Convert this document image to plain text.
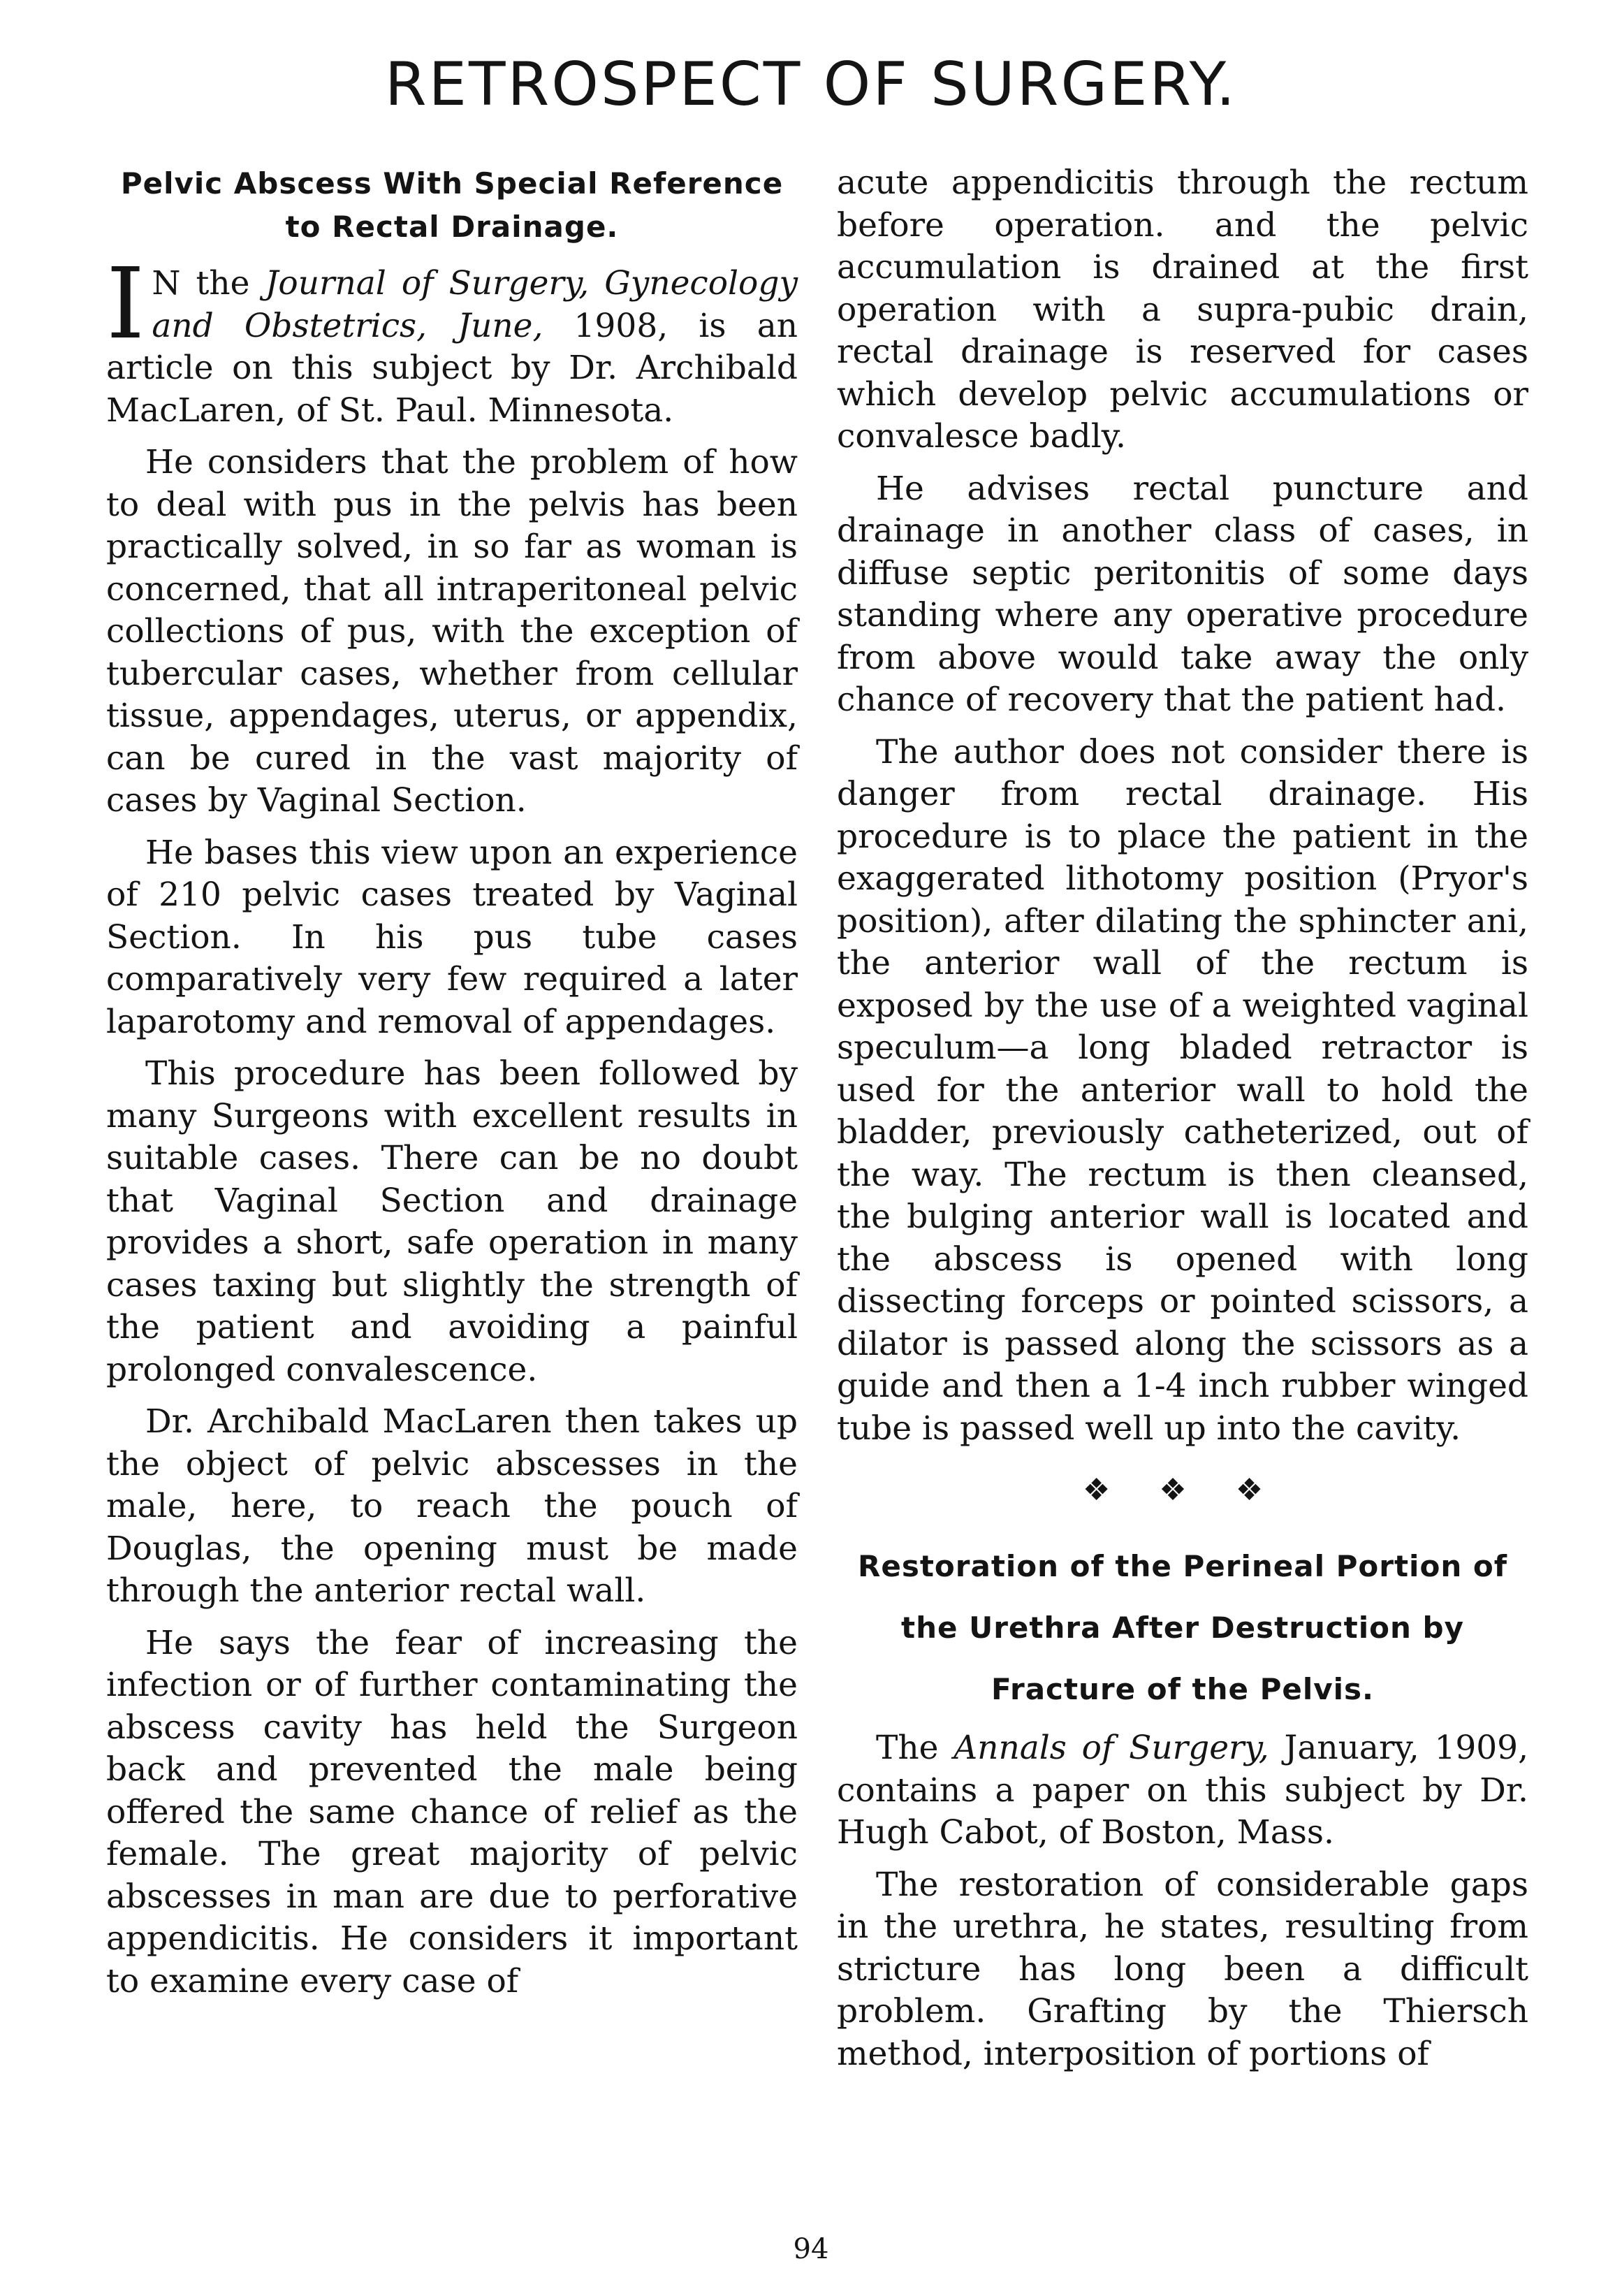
RETROSPECT OF SURGERY.
Pelvic Abscess With Special Reference to Rectal Drainage.

I N the Journal of Surgery, Gynecology and Obstetrics, June, 1908, is an article on this subject by Dr. Archibald MacLaren, of St. Paul. Minnesota.

He considers that the problem of how to deal with pus in the pelvis has been practically solved, in so far as woman is concerned, that all intraperitoneal pelvic collections of pus, with the exception of tubercular cases, whether from cellular tissue, appendages, uterus, or appendix, can be cured in the vast majority of cases by Vaginal Section.

He bases this view upon an experience of 210 pelvic cases treated by Vaginal Section. In his pus tube cases comparatively very few required a later laparotomy and removal of appendages.

This procedure has been followed by many Surgeons with excellent results in suitable cases. There can be no doubt that Vaginal Section and drainage provides a short, safe operation in many cases taxing but slightly the strength of the patient and avoiding a painful prolonged convalescence.

Dr. Archibald MacLaren then takes up the object of pelvic abscesses in the male, here, to reach the pouch of Douglas, the opening must be made through the anterior rectal wall.

He says the fear of increasing the infection or of further contaminating the abscess cavity has held the Surgeon back and prevented the male being offered the same chance of relief as the female. The great majority of pelvic abscesses in man are due to perforative appendicitis. He considers it important to examine every case of

acute appendicitis through the rectum before operation. and the pelvic accumulation is drained at the first operation with a supra-pubic drain, rectal drainage is reserved for cases which develop pelvic accumulations or convalesce badly.

He advises rectal puncture and drainage in another class of cases, in diffuse septic peritonitis of some days standing where any operative procedure from above would take away the only chance of recovery that the patient had.

The author does not consider there is danger from rectal drainage. His procedure is to place the patient in the exaggerated lithotomy position (Pryor's position), after dilating the sphincter ani, the anterior wall of the rectum is exposed by the use of a weighted vaginal speculum—a long bladed retractor is used for the anterior wall to hold the bladder, previously catheterized, out of the way. The rectum is then cleansed, the bulging anterior wall is located and the abscess is opened with long dissecting forceps or pointed scissors, a dilator is passed along the scissors as a guide and then a 1-4 inch rubber winged tube is passed well up into the cavity.

❖ ❖ ❖
Restoration of the Perineal Portion of the Urethra After Destruction by Fracture of the Pelvis.

The Annals of Surgery, January, 1909, contains a paper on this subject by Dr. Hugh Cabot, of Boston, Mass.

The restoration of considerable gaps in the urethra, he states, resulting from stricture has long been a difficult problem. Grafting by the Thiersch method, interposition of portions of

94
